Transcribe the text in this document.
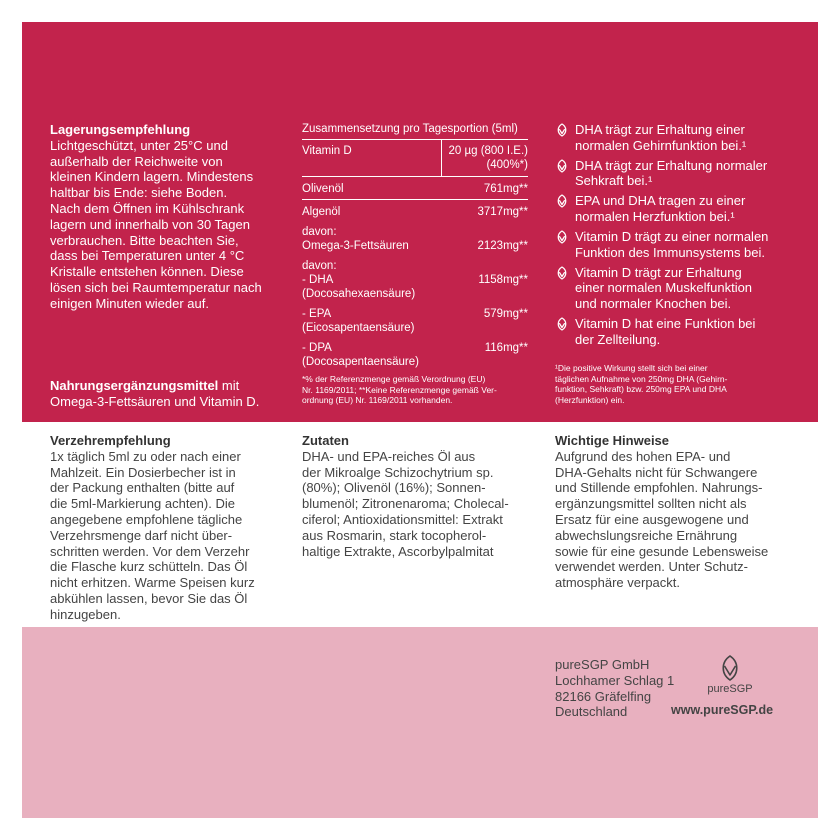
Lagerungsempfehlung
Lichtgeschützt, unter 25°C und
außerhalb der Reichweite von
kleinen Kindern lagern. Mindestens
haltbar bis Ende: siehe Boden.
Nach dem Öffnen im Kühlschrank
lagern und innerhalb von 30 Tagen
verbrauchen. Bitte beachten Sie,
dass bei Temperaturen unter 4 °C
Kristalle entstehen können. Diese
lösen sich bei Raumtemperatur nach
einigen Minuten wieder auf.
Nahrungsergänzungsmittel mit
Omega-3-Fettsäuren und Vitamin D.
Zusammensetzung pro Tagesportion (5ml)
Vitamin D	20 µg (800 I.E.)
(400%*)

Olivenöl	761mg**
Algenöl	3717mg**

davon:
Omega-3-Fettsäuren	2123mg**

davon:	

- DHA
(Docosahexaensäure)	1158mg**

- EPA
(Eicosapentaensäure)	579mg**

- DPA
(Docosapentaensäure)	116mg**
*% der Referenzmenge gemäß Verordnung (EU)
Nr. 1169/2011; **Keine Referenzmenge gemäß Ver-
ordnung (EU) Nr. 1169/2011 vorhanden.
DHA trägt zur Erhaltung einer
normalen Gehirnfunktion bei.¹
DHA trägt zur Erhaltung normaler
Sehkraft bei.¹
EPA und DHA tragen zu einer
normalen Herzfunktion bei.¹
Vitamin D trägt zu einer normalen
Funktion des Immunsystems bei.
Vitamin D trägt zur Erhaltung
einer normalen Muskelfunktion
und normaler Knochen bei.
Vitamin D hat eine Funktion bei
der Zellteilung.
¹Die positive Wirkung stellt sich bei einer
täglichen Aufnahme von 250mg DHA (Gehirn-
funktion, Sehkraft) bzw. 250mg EPA und DHA
(Herzfunktion) ein.
Verzehrempfehlung
1x täglich 5ml zu oder nach einer
Mahlzeit. Ein Dosierbecher ist in
der Packung enthalten (bitte auf
die 5ml-Markierung achten). Die
angegebene empfohlene tägliche
Verzehrsmenge darf nicht über-
schritten werden. Vor dem Verzehr
die Flasche kurz schütteln. Das Öl
nicht erhitzen. Warme Speisen kurz
abkühlen lassen, bevor Sie das Öl
hinzugeben.
Zutaten
DHA- und EPA-reiches Öl aus
der Mikroalge Schizochytrium sp.
(80%); Olivenöl (16%); Sonnen-
blumenöl; Zitronenaroma; Cholecal-
ciferol; Antioxidationsmittel: Extrakt
aus Rosmarin, stark tocopherol-
haltige Extrakte, Ascorbylpalmitat
Wichtige Hinweise
Aufgrund des hohen EPA- und
DHA-Gehalts nicht für Schwangere
und Stillende empfohlen. Nahrungs-
ergänzungsmittel sollten nicht als
Ersatz für eine ausgewogene und
abwechslungsreiche Ernährung
sowie für eine gesunde Lebensweise
verwendet werden. Unter Schutz-
atmosphäre verpackt.
pureSGP GmbH
Lochhamer Schlag 1
82166 Gräfelfing
Deutschland
pureSGP
www.pureSGP.de
